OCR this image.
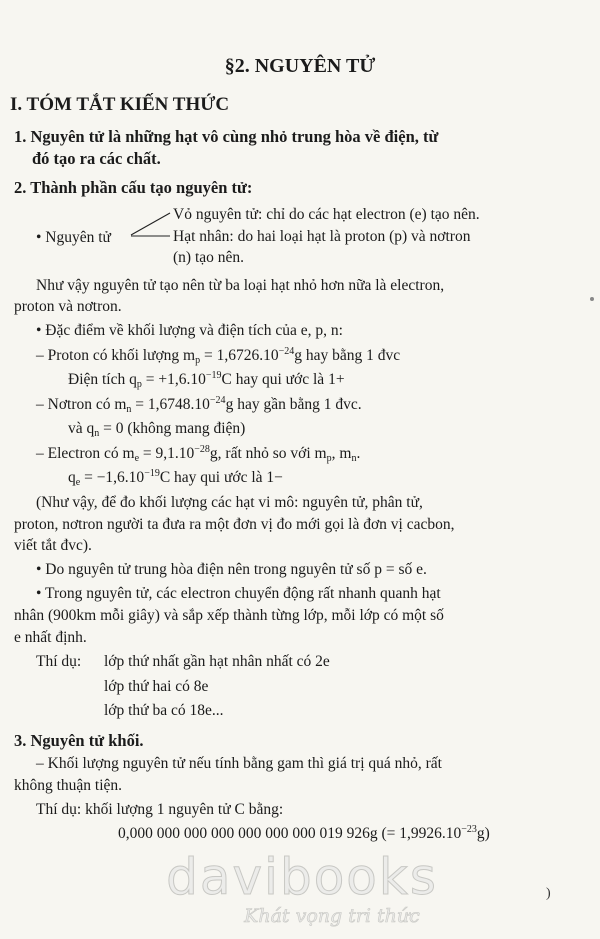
§2. NGUYÊN TỬ
I. TÓM TẮT KIẾN THỨC
1. Nguyên tử là những hạt vô cùng nhỏ trung hòa về điện, từ
đó tạo ra các chất.
2. Thành phần cấu tạo nguyên tử:
Vỏ nguyên tử: chỉ do các hạt electron (e) tạo nên.
• Nguyên tử	Hạt nhân: do hai loại hạt là proton (p) và nơtron
(n) tạo nên.
Như vậy nguyên tử tạo nên từ ba loại hạt nhỏ hơn nữa là electron,
proton và nơtron.
• Đặc điểm về khối lượng và điện tích của e, p, n:
– Proton có khối lượng $m_p = 1,6726.10^{-24}g$ hay bằng 1 đvc
Điện tích $q_p = +1,6.10^{-19}C$ hay qui ước là 1+
– Nơtron có $m_n = 1,6748.10^{-24}g$ hay gần bằng 1 đvc.
và $q_n = 0$ (không mang điện)
– Electron có $m_e = 9,1.10^{-28}g$, rất nhỏ so với $m_p$, $m_n$.
$q_e = -1,6.10^{-19}C$ hay qui ước là 1−
(Như vậy, để đo khối lượng các hạt vi mô: nguyên tử, phân tử,
proton, nơtron người ta đưa ra một đơn vị đo mới gọi là đơn vị cacbon,
viết tắt đvc).
• Do nguyên tử trung hòa điện nên trong nguyên tử số p = số e.
• Trong nguyên tử, các electron chuyển động rất nhanh quanh hạt
nhân (900km mỗi giây) và sắp xếp thành từng lớp, mỗi lớp có một số
e nhất định.
Thí dụ: lớp thứ nhất gần hạt nhân nhất có 2e
lớp thứ hai có 8e
lớp thứ ba có 18e...
3. Nguyên tử khối.
– Khối lượng nguyên tử nếu tính bằng gam thì giá trị quá nhỏ, rất
không thuận tiện.
Thí dụ: khối lượng 1 nguyên tử C bằng:
0,000 000 000 000 000 000 000 019 926g (= $1,9926.10^{-23}g$)
)
davibooks
Khát vọng tri thức
